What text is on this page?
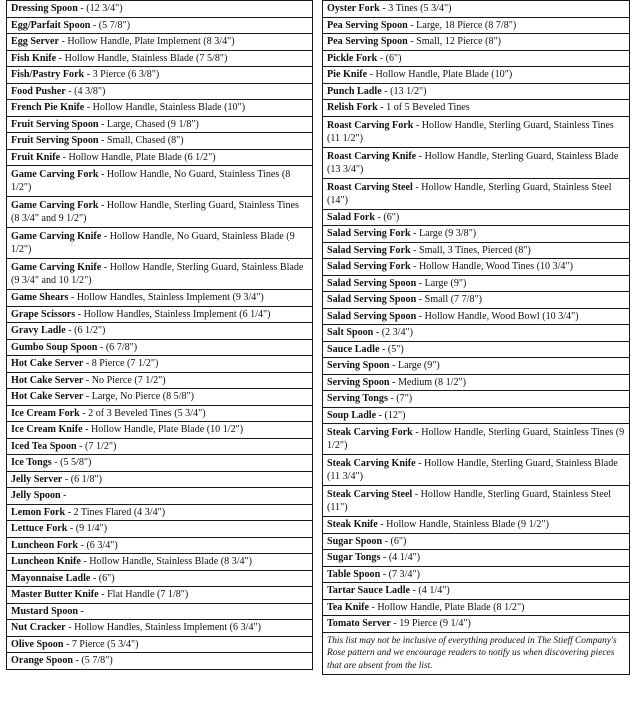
Dressing Spoon - (12 3/4")
Egg/Parfait Spoon - (5 7/8")
Egg Server - Hollow Handle, Plate Implement (8 3/4")
Fish Knife - Hollow Handle, Stainless Blade (7 5/8")
Fish/Pastry Fork - 3 Pierce (6 3/8")
Food Pusher - (4 3/8")
French Pie Knife - Hollow Handle, Stainless Blade (10")
Fruit Serving Spoon - Large, Chased (9 1/8")
Fruit Serving Spoon - Small, Chased (8")
Fruit Knife - Hollow Handle, Plate Blade (6 1/2")
Game Carving Fork - Hollow Handle, No Guard, Stainless Tines (8 1/2")
Game Carving Fork - Hollow Handle, Sterling Guard, Stainless Tines (8 3/4" and 9 1/2")
Game Carving Knife - Hollow Handle, No Guard, Stainless Blade (9 1/2")
Game Carving Knife - Hollow Handle, Sterling Guard, Stainless Blade (9 3/4" and 10 1/2")
Game Shears - Hollow Handles, Stainless Implement (9 3/4")
Grape Scissors - Hollow Handles, Stainless Implement (6 1/4")
Gravy Ladle - (6 1/2")
Gumbo Soup Spoon - (6 7/8")
Hot Cake Server - 8 Pierce (7 1/2")
Hot Cake Server - No Pierce (7 1/2")
Hot Cake Server - Large, No Pierce (8 5/8")
Ice Cream Fork - 2 of 3 Beveled Tines (5 3/4")
Ice Cream Knife - Hollow Handle, Plate Blade (10 1/2")
Iced Tea Spoon - (7 1/2")
Ice Tongs - (5 5/8")
Jelly Server - (6 1/8")
Jelly Spoon -
Lemon Fork - 2 Tines Flared (4 3/4")
Lettuce Fork - (9 1/4")
Luncheon Fork - (6 3/4")
Luncheon Knife - Hollow Handle, Stainless Blade (8 3/4")
Mayonnaise Ladle - (6")
Master Butter Knife - Flat Handle (7 1/8")
Mustard Spoon -
Nut Cracker - Hollow Handles, Stainless Implement (6 3/4")
Olive Spoon - 7 Pierce (5 3/4")
Orange Spoon - (5 7/8")
Oyster Fork - 3 Tines (5 3/4")
Pea Serving Spoon - Large, 18 Pierce (8 7/8")
Pea Serving Spoon - Small, 12 Pierce (8")
Pickle Fork - (6")
Pie Knife - Hollow Handle, Plate Blade (10")
Punch Ladle - (13 1/2")
Relish Fork - 1 of 5 Beveled Tines
Roast Carving Fork - Hollow Handle, Sterling Guard, Stainless Tines (11 1/2")
Roast Carving Knife - Hollow Handle, Sterling Guard, Stainless Blade (13 3/4")
Roast Carving Steel - Hollow Handle, Sterling Guard, Stainless Steel (14")
Salad Fork - (6")
Salad Serving Fork - Large (9 3/8")
Salad Serving Fork - Small, 3 Tines, Pierced (8")
Salad Serving Fork - Hollow Handle, Wood Tines (10 3/4")
Salad Serving Spoon - Large (9")
Salad Serving Spoon - Small (7 7/8")
Salad Serving Spoon - Hollow Handle, Wood Bowl (10 3/4")
Salt Spoon - (2 3/4")
Sauce Ladle - (5")
Serving Spoon - Large (9")
Serving Spoon - Medium (8 1/2")
Serving Tongs - (7")
Soup Ladle - (12")
Steak Carving Fork - Hollow Handle, Sterling Guard, Stainless Tines (9 1/2")
Steak Carving Knife - Hollow Handle, Sterling Guard, Stainless Blade (11 3/4")
Steak Carving Steel - Hollow Handle, Sterling Guard, Stainless Steel (11")
Steak Knife - Hollow Handle, Stainless Blade (9 1/2")
Sugar Spoon - (6")
Sugar Tongs - (4 1/4")
Table Spoon - (7 3/4")
Tartar Sauce Ladle - (4 1/4")
Tea Knife - Hollow Handle, Plate Blade (8 1/2")
Tomato Server - 19 Pierce (9 1/4")
This list may not be inclusive of everything produced in The Stieff Company's Rose pattern and we encourage readers to notify us when discovering pieces that are absent from the list.
